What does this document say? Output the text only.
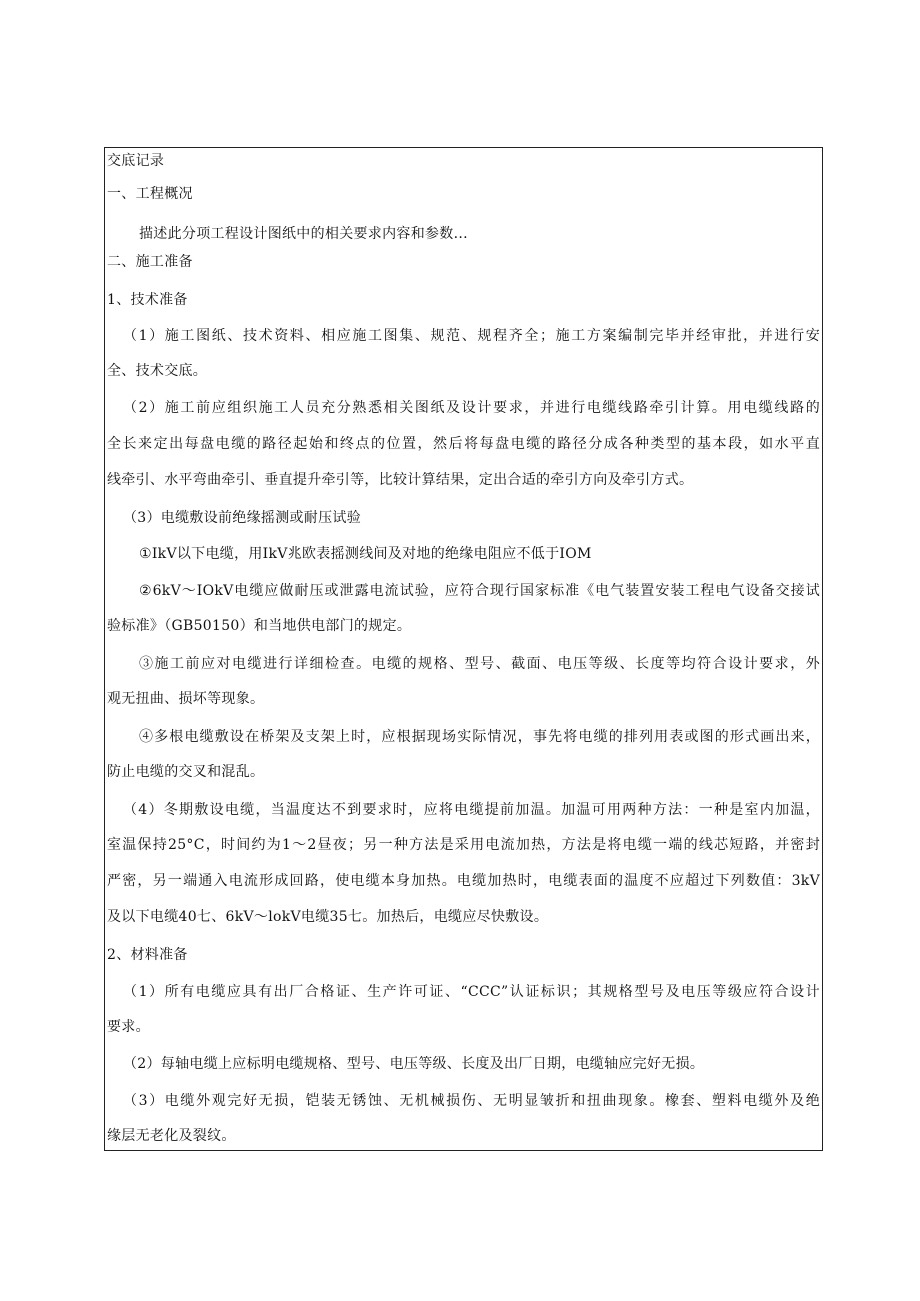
交底记录
一、工程概况
描述此分项工程设计图纸中的相关要求内容和参数...
二、施工准备
1、技术准备
（1）施工图纸、技术资料、相应施工图集、规范、规程齐全；施工方案编制完毕并经审批，并进行安
全、技术交底。
（2）施工前应组织施工人员充分熟悉相关图纸及设计要求，并进行电缆线路牵引计算。用电缆线路的
全长来定出每盘电缆的路径起始和终点的位置，然后将每盘电缆的路径分成各种类型的基本段，如水平直
线牵引、水平弯曲牵引、垂直提升牵引等，比较计算结果，定出合适的牵引方向及牵引方式。
（3）电缆敷设前绝缘摇测或耐压试验
①IkV以下电缆，用IkV兆欧表摇测线间及对地的绝缘电阻应不低于IOM
②6kV～IOkV电缆应做耐压或泄露电流试验，应符合现行国家标准《电气装置安装工程电气设备交接试
验标准》（GB50150）和当地供电部门的规定。
③施工前应对电缆进行详细检查。电缆的规格、型号、截面、电压等级、长度等均符合设计要求，外
观无扭曲、损坏等现象。
④多根电缆敷设在桥架及支架上时，应根据现场实际情况，事先将电缆的排列用表或图的形式画出来，
防止电缆的交叉和混乱。
（4）冬期敷设电缆，当温度达不到要求时，应将电缆提前加温。加温可用两种方法：一种是室内加温，
室温保持25°C，时间约为1～2昼夜；另一种方法是采用电流加热，方法是将电缆一端的线芯短路，并密封
严密，另一端通入电流形成回路，使电缆本身加热。电缆加热时，电缆表面的温度不应超过下列数值：3kV
及以下电缆40七、6kV～lokV电缆35七。加热后，电缆应尽快敷设。
2、材料准备
（1）所有电缆应具有出厂合格证、生产许可证、“CCC”认证标识；其规格型号及电压等级应符合设计
要求。
（2）每轴电缆上应标明电缆规格、型号、电压等级、长度及出厂日期，电缆轴应完好无损。
（3）电缆外观完好无损，铠装无锈蚀、无机械损伤、无明显皱折和扭曲现象。橡套、塑料电缆外及绝
缘层无老化及裂纹。
